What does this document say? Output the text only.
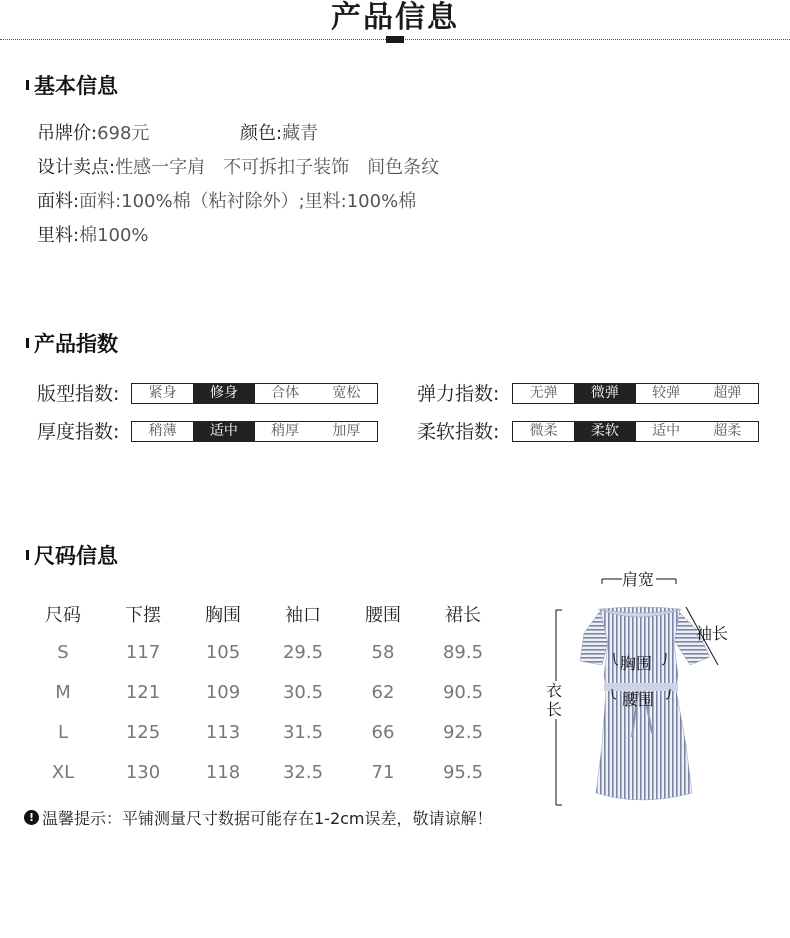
产品信息
基本信息
吊牌价:698元	颜色:藏青
设计卖点:性感一字肩　不可拆扣子装饰　间色条纹
面料:面料:100%棉（粘衬除外）;里料:100%棉
里料:棉100%
产品指数
版型指数:	紧身	修身	合体	宽松	弹力指数:	无弹	微弹	较弹	超弹
厚度指数:	稍薄	适中	稍厚	加厚	柔软指数:	微柔	柔软	适中	超柔
尺码信息
尺码	下摆	胸围	袖口	腰围	裙长
S	117	105	29.5	58	89.5
M	121	109	30.5	62	90.5
L	125	113	31.5	66	92.5
XL	130	118	32.5	71	95.5
肩宽
袖长
胸围
腰围
衣长
! 温馨提示：平铺测量尺寸数据可能存在1-2cm误差，敬请谅解！
